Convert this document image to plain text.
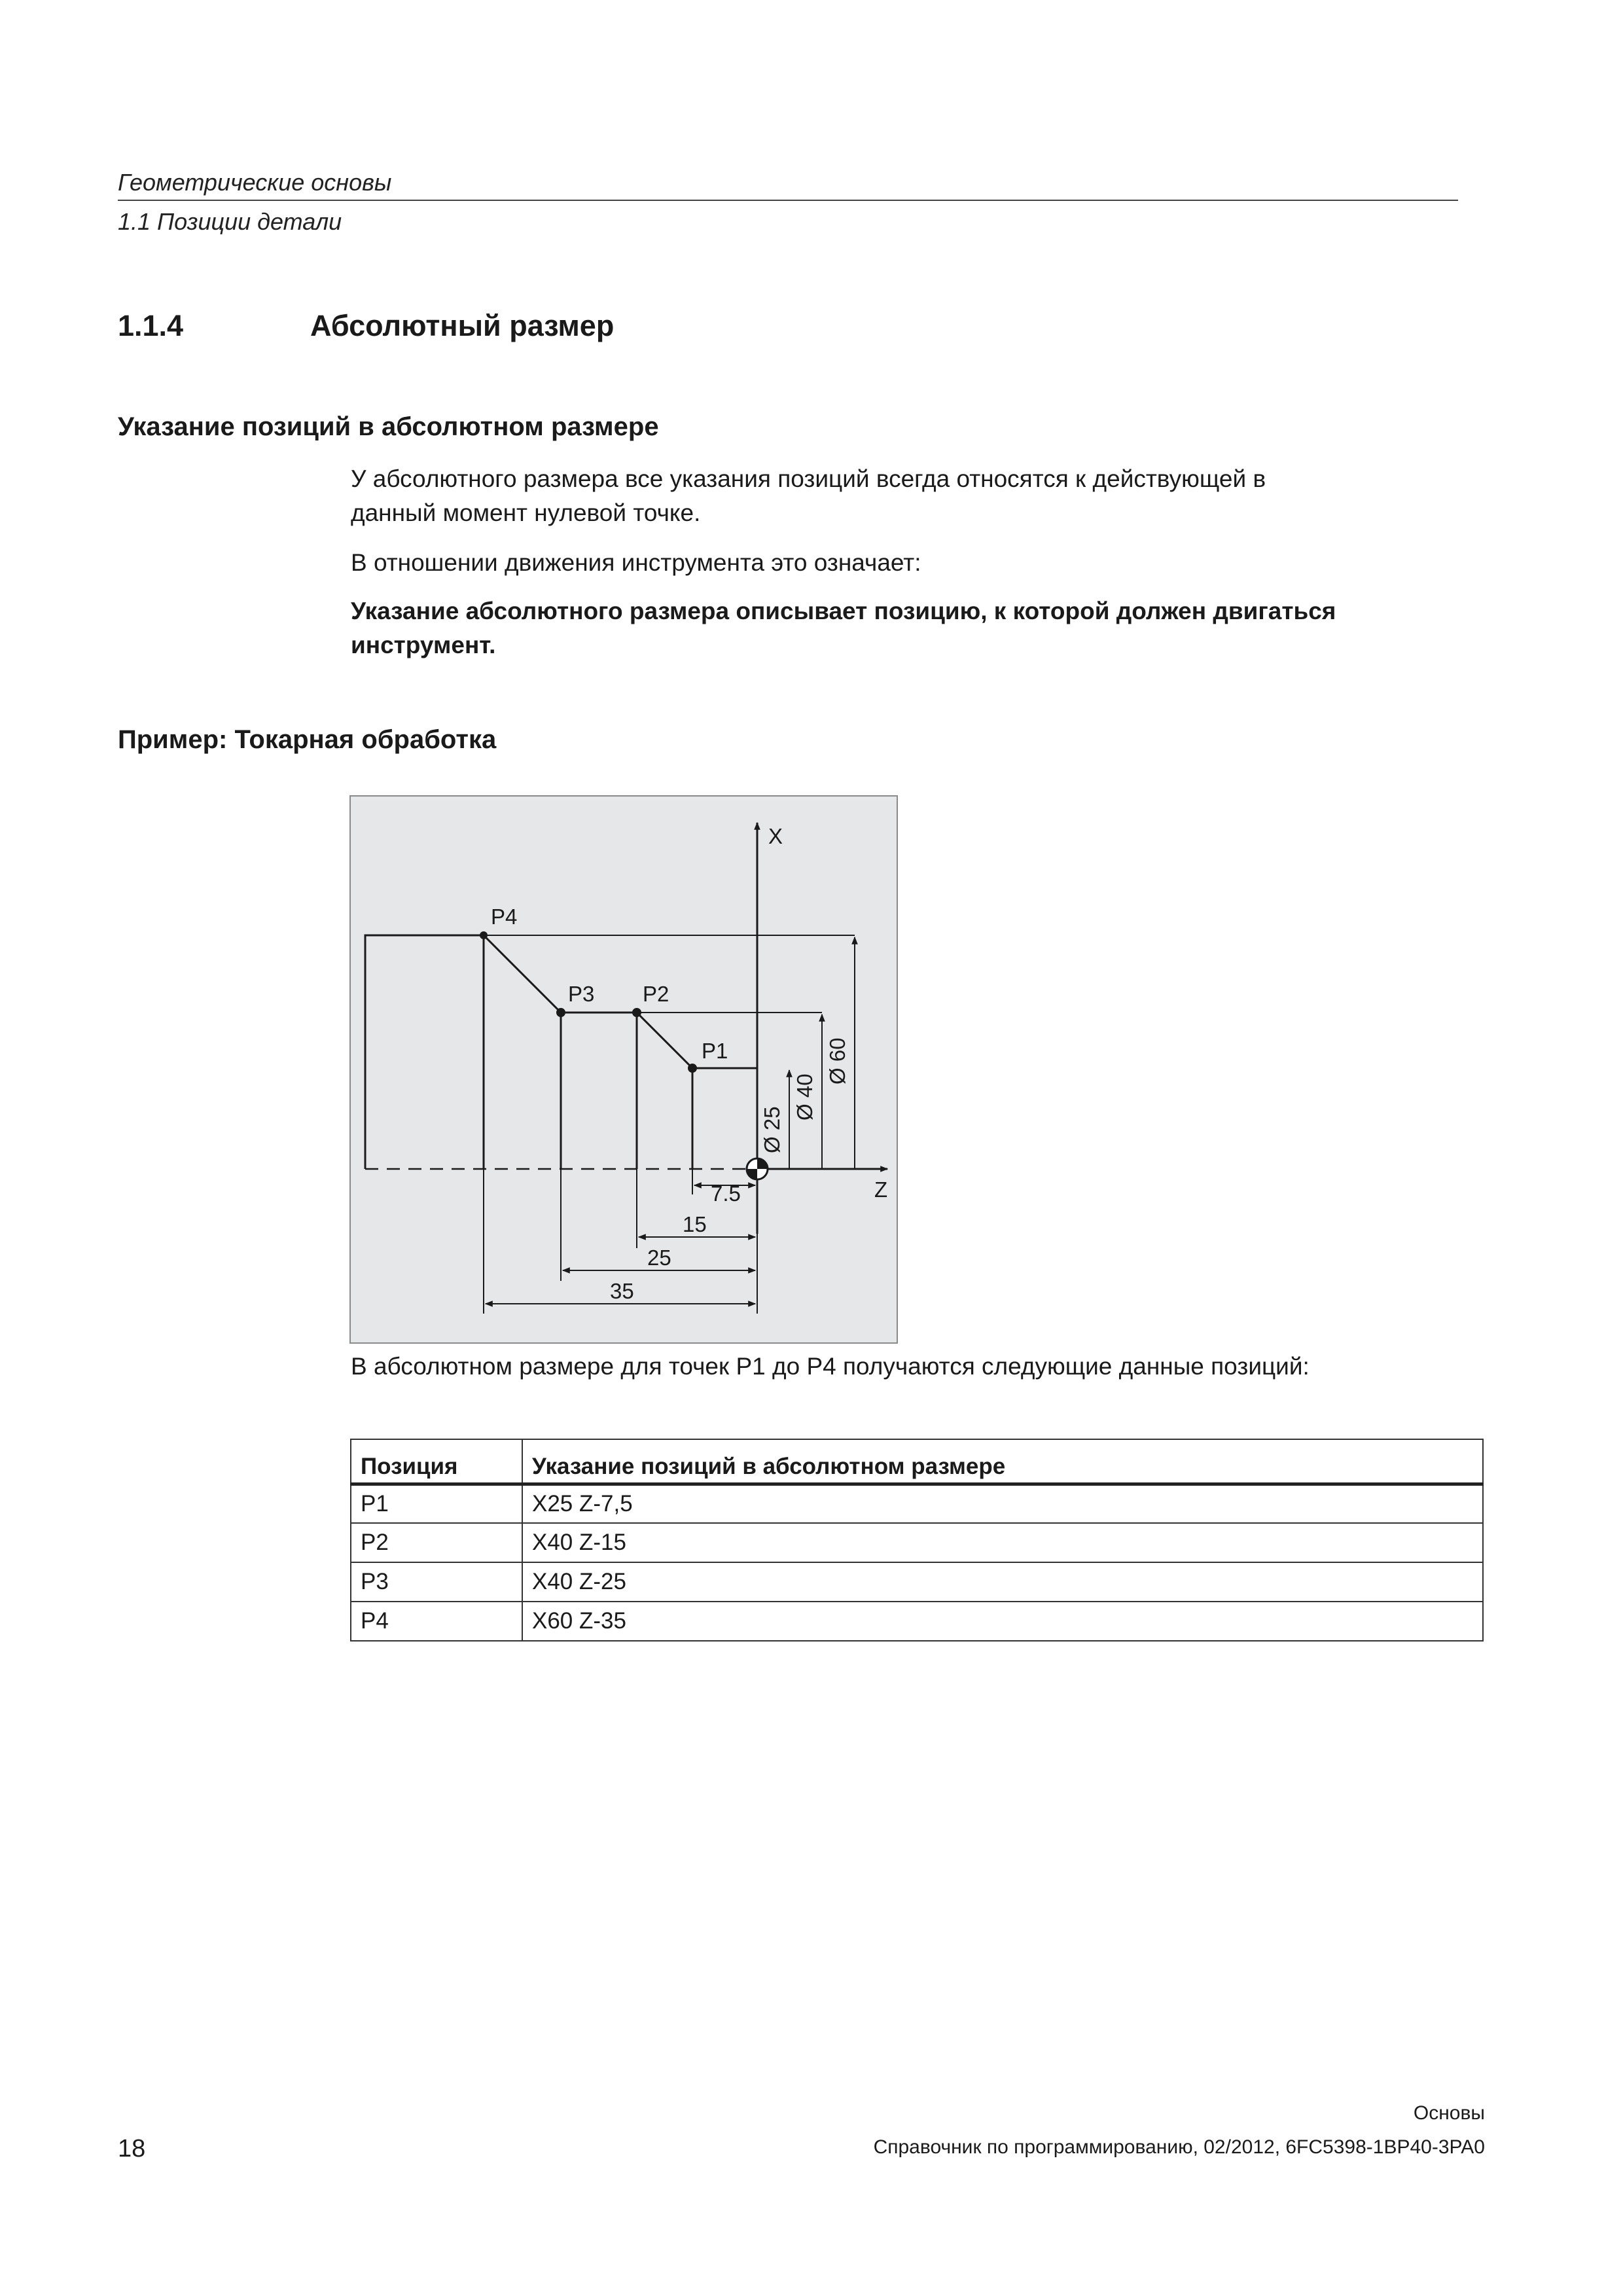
Геометрические основы
1.1 Позиции детали
1.1.4	Абсолютный размер
Указание позиций в абсолютном размере
У абсолютного размера все указания позиций всегда относятся к действующей в
данный момент нулевой точке.
В отношении движения инструмента это означает:
Указание абсолютного размера описывает позицию, к которой должен двигаться
инструмент.
Пример: Токарная обработка
X
Z
P4
P3 P2
P1
Ø 25
Ø 40
Ø 60
7.5
15
25
35
В абсолютном размере для точек P1 до P4 получаются следующие данные позиций:
Позиция	Указание позиций в абсолютном размере
P1	X25 Z-7,5
P2	X40 Z-15
P3	X40 Z-25
P4	X60 Z-35
18
Основы
Справочник по программированию, 02/2012, 6FC5398-1BP40-3PA0
